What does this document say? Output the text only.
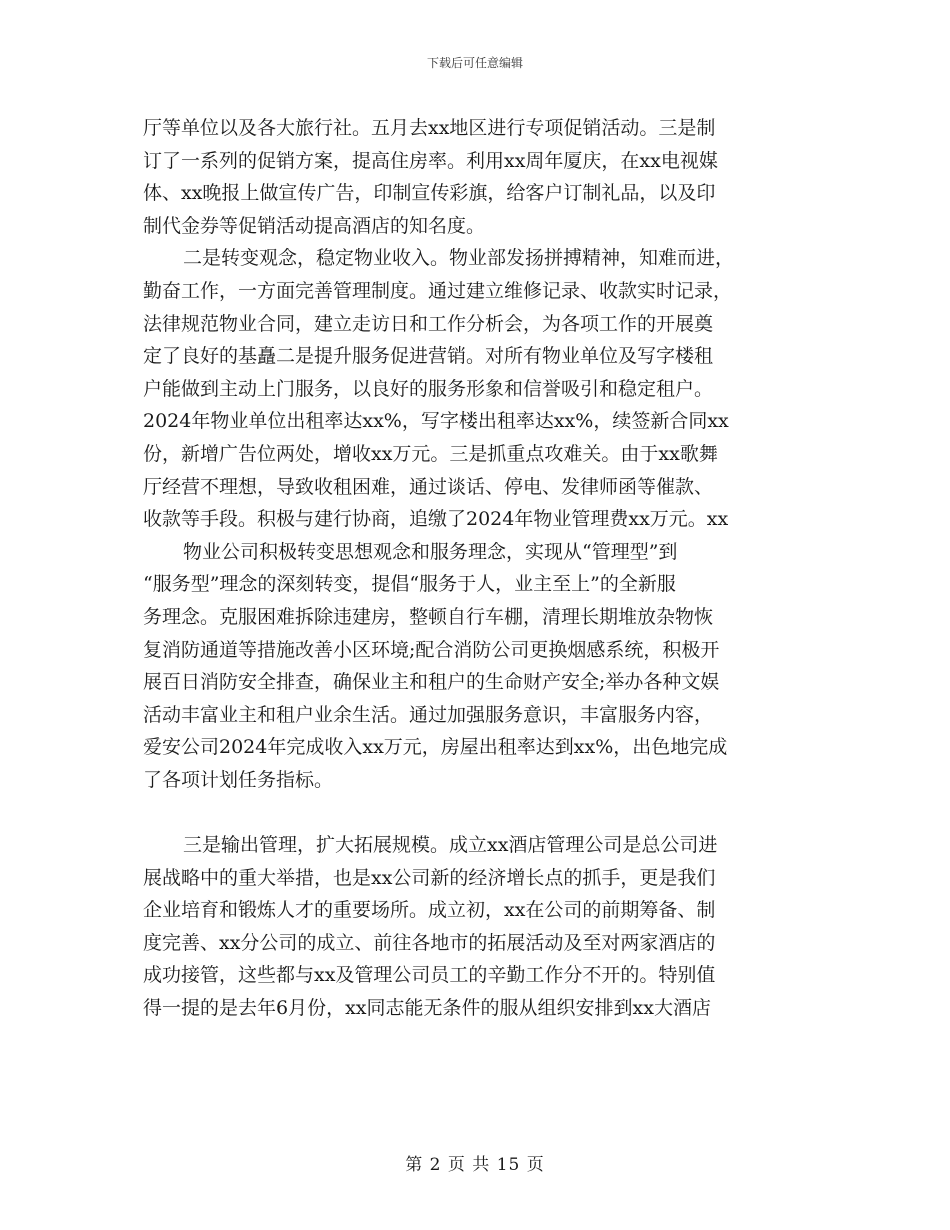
下载后可任意编辑
厅等单位以及各大旅行社。五月去xx地区进行专项促销活动。三是制
订了一系列的促销方案，提高住房率。利用xx周年厦庆，在xx电视媒
体、xx晚报上做宣传广告，印制宣传彩旗，给客户订制礼品，以及印
制代金券等促销活动提高酒店的知名度。
二是转变观念，稳定物业收入。物业部发扬拼搏精神，知难而进，
勤奋工作，一方面完善管理制度。通过建立维修记录、收款实时记录，
法律规范物业合同，建立走访日和工作分析会，为各项工作的开展奠
定了良好的基矗二是提升服务促进营销。对所有物业单位及写字楼租
户能做到主动上门服务，以良好的服务形象和信誉吸引和稳定租户。
2024年物业单位出租率达xx%，写字楼出租率达xx%，续签新合同xx
份，新增广告位两处，增收xx万元。三是抓重点攻难关。由于xx歌舞
厅经营不理想，导致收租困难，通过谈话、停电、发律师函等催款、
收款等手段。积极与建行协商，追缴了2024年物业管理费xx万元。xx
物业公司积极转变思想观念和服务理念，实现从“管理型”到
“服务型”理念的深刻转变，提倡“服务于人，业主至上”的全新服
务理念。克服困难拆除违建房，整顿自行车棚，清理长期堆放杂物恢
复消防通道等措施改善小区环境;配合消防公司更换烟感系统，积极开
展百日消防安全排查，确保业主和租户的生命财产安全;举办各种文娱
活动丰富业主和租户业余生活。通过加强服务意识，丰富服务内容，
爱安公司2024年完成收入xx万元，房屋出租率达到xx%，出色地完成
了各项计划任务指标。
三是输出管理，扩大拓展规模。成立xx酒店管理公司是总公司进
展战略中的重大举措，也是xx公司新的经济增长点的抓手，更是我们
企业培育和锻炼人才的重要场所。成立初，xx在公司的前期筹备、制
度完善、xx分公司的成立、前往各地市的拓展活动及至对两家酒店的
成功接管，这些都与xx及管理公司员工的辛勤工作分不开的。特别值
得一提的是去年6月份，xx同志能无条件的服从组织安排到xx大酒店
第 2 页 共 15 页
